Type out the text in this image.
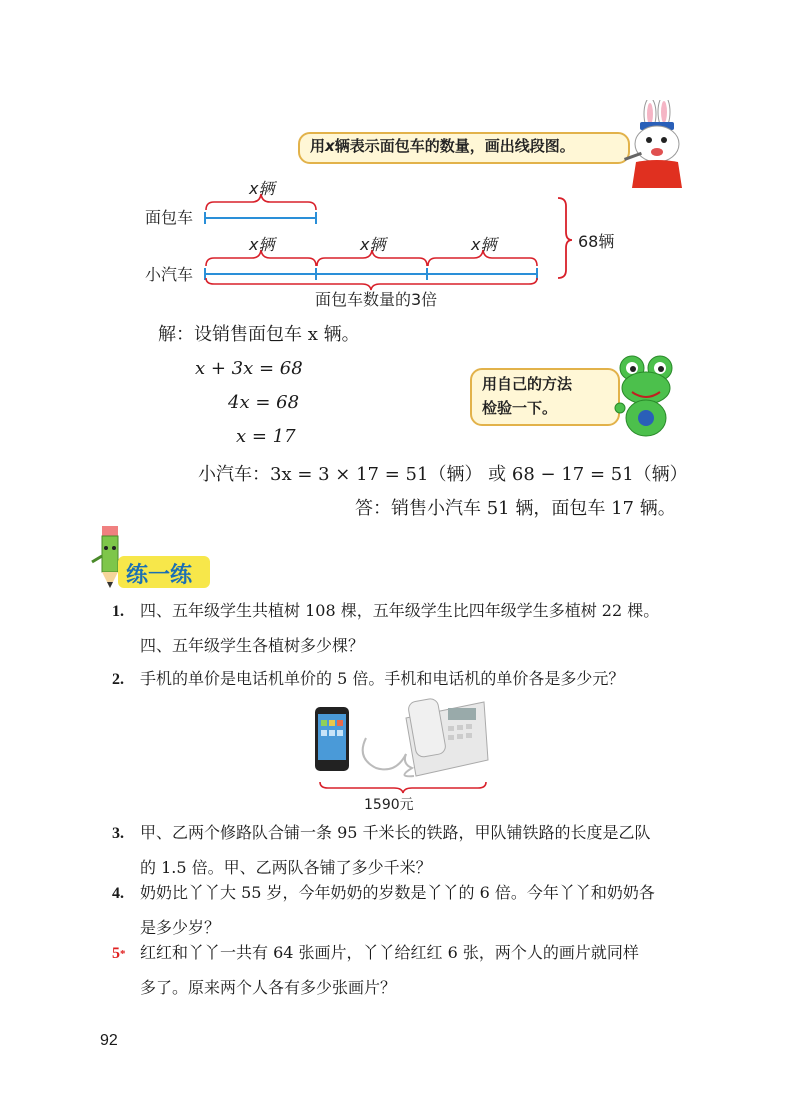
用x辆表示面包车的数量，画出线段图。
面包车
小汽车
x辆
x辆	x辆	x辆	68辆
面包车数量的3倍
解：设销售面包车 x 辆。
x + 3x = 68
4x = 68
x = 17
小汽车：3x = 3 × 17 = 51（辆） 或 68 − 17 = 51（辆）
答：销售小汽车 51 辆，面包车 17 辆。
用自己的方法
检验一下。
练一练
1. 四、五年级学生共植树 108 棵，五年级学生比四年级学生多植树 22 棵。
四、五年级学生各植树多少棵？
2. 手机的单价是电话机单价的 5 倍。手机和电话机的单价各是多少元？
1590元
3. 甲、乙两个修路队合铺一条 95 千米长的铁路，甲队铺铁路的长度是乙队
的 1.5 倍。甲、乙两队各铺了多少千米？
4. 奶奶比丫丫大 55 岁，今年奶奶的岁数是丫丫的 6 倍。今年丫丫和奶奶各
是多少岁？
5* 红红和丫丫一共有 64 张画片，丫丫给红红 6 张，两个人的画片就同样
多了。原来两个人各有多少张画片？
92
